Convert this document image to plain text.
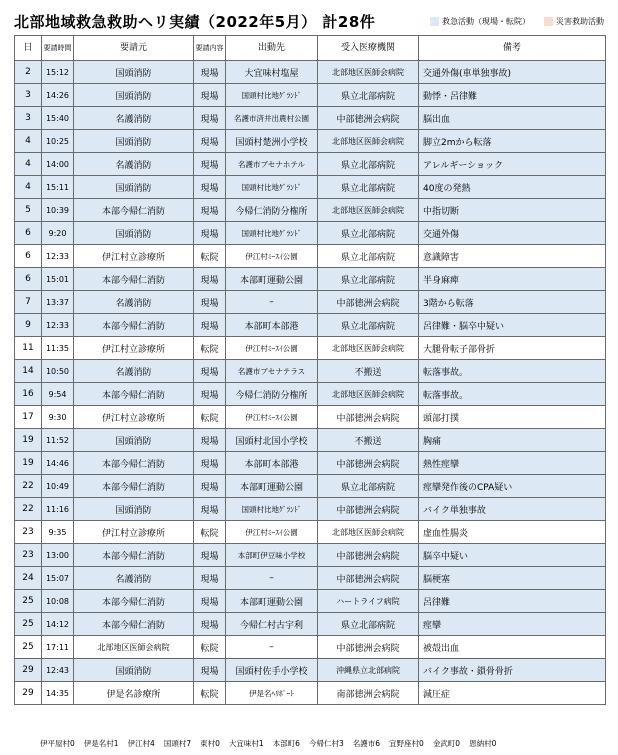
北部地域救急救助ヘリ実績（2022年5月） 計28件	救急活動（現場・転院）	災害救助活動
日	要請時間	要請元	要請内容	出動先	受入医療機関	備考
2	15:12	国頭消防	現場	大宜味村塩屋	北部地区医師会病院	交通外傷(車単独事故)
3	14:26	国頭消防	現場	国頭村比地ｸﾞﾗﾝﾄﾞ	県立北部病院	動悸・呂律難
3	15:40	名護消防	現場	名護市済井出農村公園	中部徳洲会病院	脳出血
4	10:25	国頭消防	現場	国頭村楚洲小学校	北部地区医師会病院	脚立2mから転落
4	14:00	名護消防	現場	名護市ブセナホテル	県立北部病院	アレルギーショック
4	15:11	国頭消防	現場	国頭村比地ｸﾞﾗﾝﾄﾞ	県立北部病院	40度の発熱
5	10:39	本部今帰仁消防	現場	今帰仁消防分権所	北部地区医師会病院	中指切断
6	9:20	国頭消防	現場	国頭村比地ｸﾞﾗﾝﾄﾞ	県立北部病院	交通外傷
6	12:33	伊江村立診療所	転院	伊江村ﾐｰｽｲ公園	県立北部病院	意識障害
6	15:01	本部今帰仁消防	現場	本部町運動公園	県立北部病院	半身麻痺
7	13:37	名護消防	現場	–	中部徳洲会病院	3階から転落
9	12:33	本部今帰仁消防	現場	本部町本部港	県立北部病院	呂律難・脳卒中疑い
11	11:35	伊江村立診療所	転院	伊江村ﾐｰｽｲ公園	北部地区医師会病院	大腿骨転子部骨折
14	10:50	名護消防	現場	名護市ブセナテラス	不搬送	転落事故。
16	9:54	本部今帰仁消防	現場	今帰仁消防分権所	北部地区医師会病院	転落事故。
17	9:30	伊江村立診療所	転院	伊江村ﾐｰｽｲ公園	中部徳洲会病院	頭部打撲
19	11:52	国頭消防	現場	国頭村北国小学校	不搬送	胸痛
19	14:46	本部今帰仁消防	現場	本部町本部港	中部徳洲会病院	熱性痙攣
22	10:49	本部今帰仁消防	現場	本部町運動公園	県立北部病院	痙攣発作後のCPA疑い
22	11:16	国頭消防	現場	国頭村比地ｸﾞﾗﾝﾄﾞ	中部徳洲会病院	バイク単独事故
23	9:35	伊江村立診療所	転院	伊江村ﾐｰｽｲ公園	北部地区医師会病院	虚血性腸炎
23	13:00	本部今帰仁消防	現場	本部町伊豆味小学校	中部徳洲会病院	脳卒中疑い
24	15:07	名護消防	現場	–	中部徳洲会病院	脳梗塞
25	10:08	本部今帰仁消防	現場	本部町運動公園	ハートライフ病院	呂律難
25	14:12	本部今帰仁消防	現場	今帰仁村古宇利	県立北部病院	痙攣
25	17:11	北部地区医師会病院	転院	–	中部徳洲会病院	被殻出血
29	12:43	国頭消防	現場	国頭村佐手小学校	沖縄県立北部病院	バイク事故・鎖骨骨折
29	14:35	伊是名診療所	転院	伊是名ﾍﾘﾎﾟｰﾄ	南部徳洲会病院	減圧症
伊平屋村0 伊是名村1 伊江村4 国頭村7 東村0 大宜味村1 本部町6 今帰仁村3 名護市6 宜野座村0 金武町0 恩納村0
